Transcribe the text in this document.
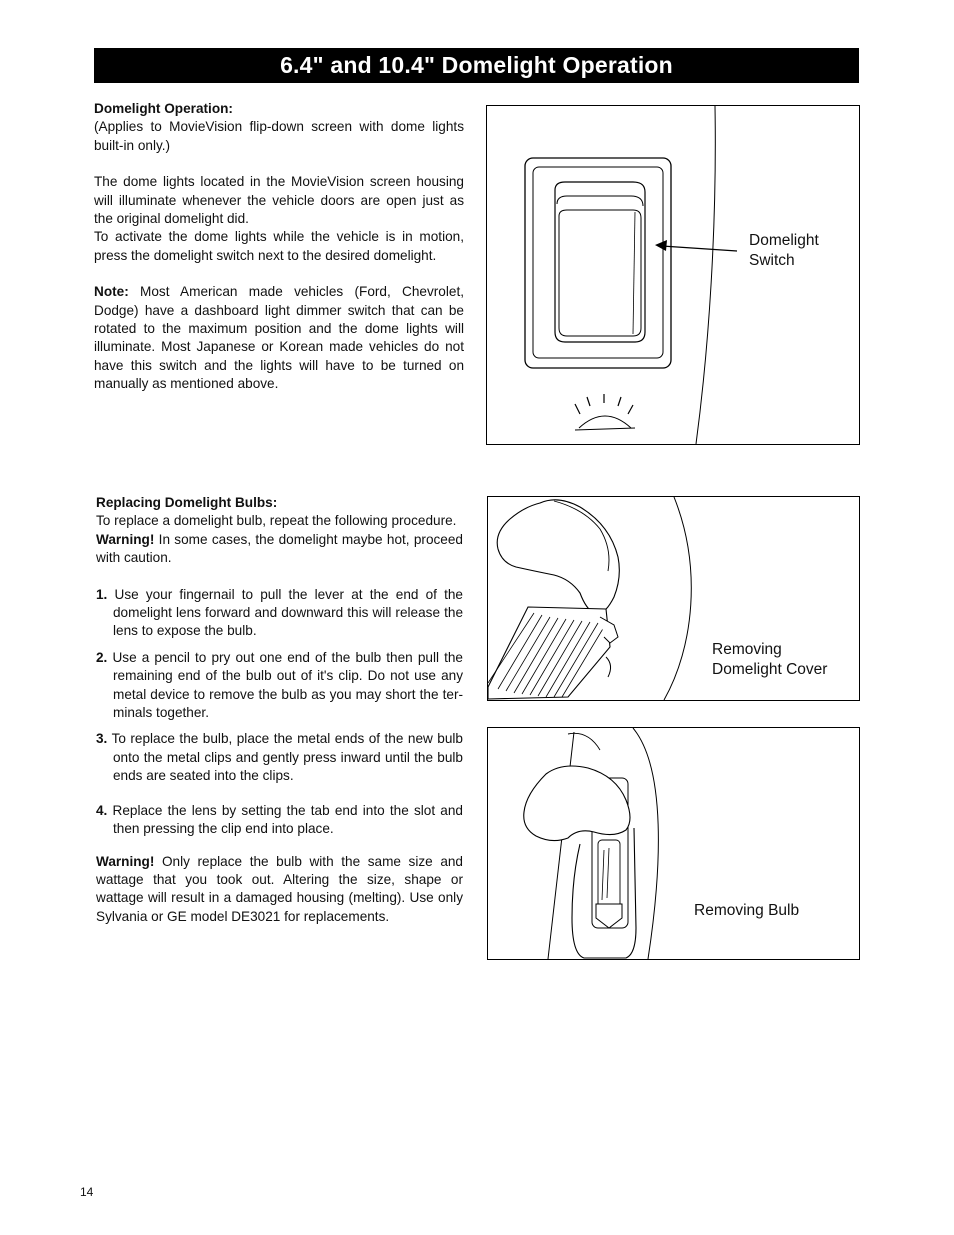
6.4" and 10.4" Domelight Operation

Domelight Operation:

(Applies to MovieVision flip-down screen with dome lights built-in only.)

The dome lights located in the MovieVision screen housing will illuminate whenever the vehicle doors are open just as the original domelight did.

To activate the dome lights while the vehicle is in motion, press the domelight switch next to the desired domelight.

Note: Most American made vehicles (Ford, Chevrolet, Dodge) have a dashboard light dimmer switch that can be rotated to the maximum position and the dome lights will illuminate. Most Japanese or Korean made vehicles do not have this switch and the lights will have to be turned on manually as mentioned above.

Replacing Domelight Bulbs:

To replace a domelight bulb, repeat the following procedure.

Warning! In some cases, the domelight maybe hot, proceed with caution.

1. Use your fingernail to pull the lever at the end of the domelight lens forward and downward this will release the lens to expose the bulb.

2. Use a pencil to pry out one end of the bulb then pull the remaining end of the bulb out of it's clip. Do not use any metal device to remove the bulb as you may short the ter-minals together.

3. To replace the bulb, place the metal ends of the new bulb onto the metal clips and gently press inward until the bulb ends are seated into the clips.

4. Replace the lens by setting the tab end into the slot and then pressing the clip end into place.

Warning! Only replace the bulb with the same size and wattage that you took out. Altering the size, shape or wattage will result in a damaged housing (melting). Use only Sylvania or GE model DE3021 for replacements.

Domelight
Switch
Removing
Domelight Cover
Removing Bulb
14
